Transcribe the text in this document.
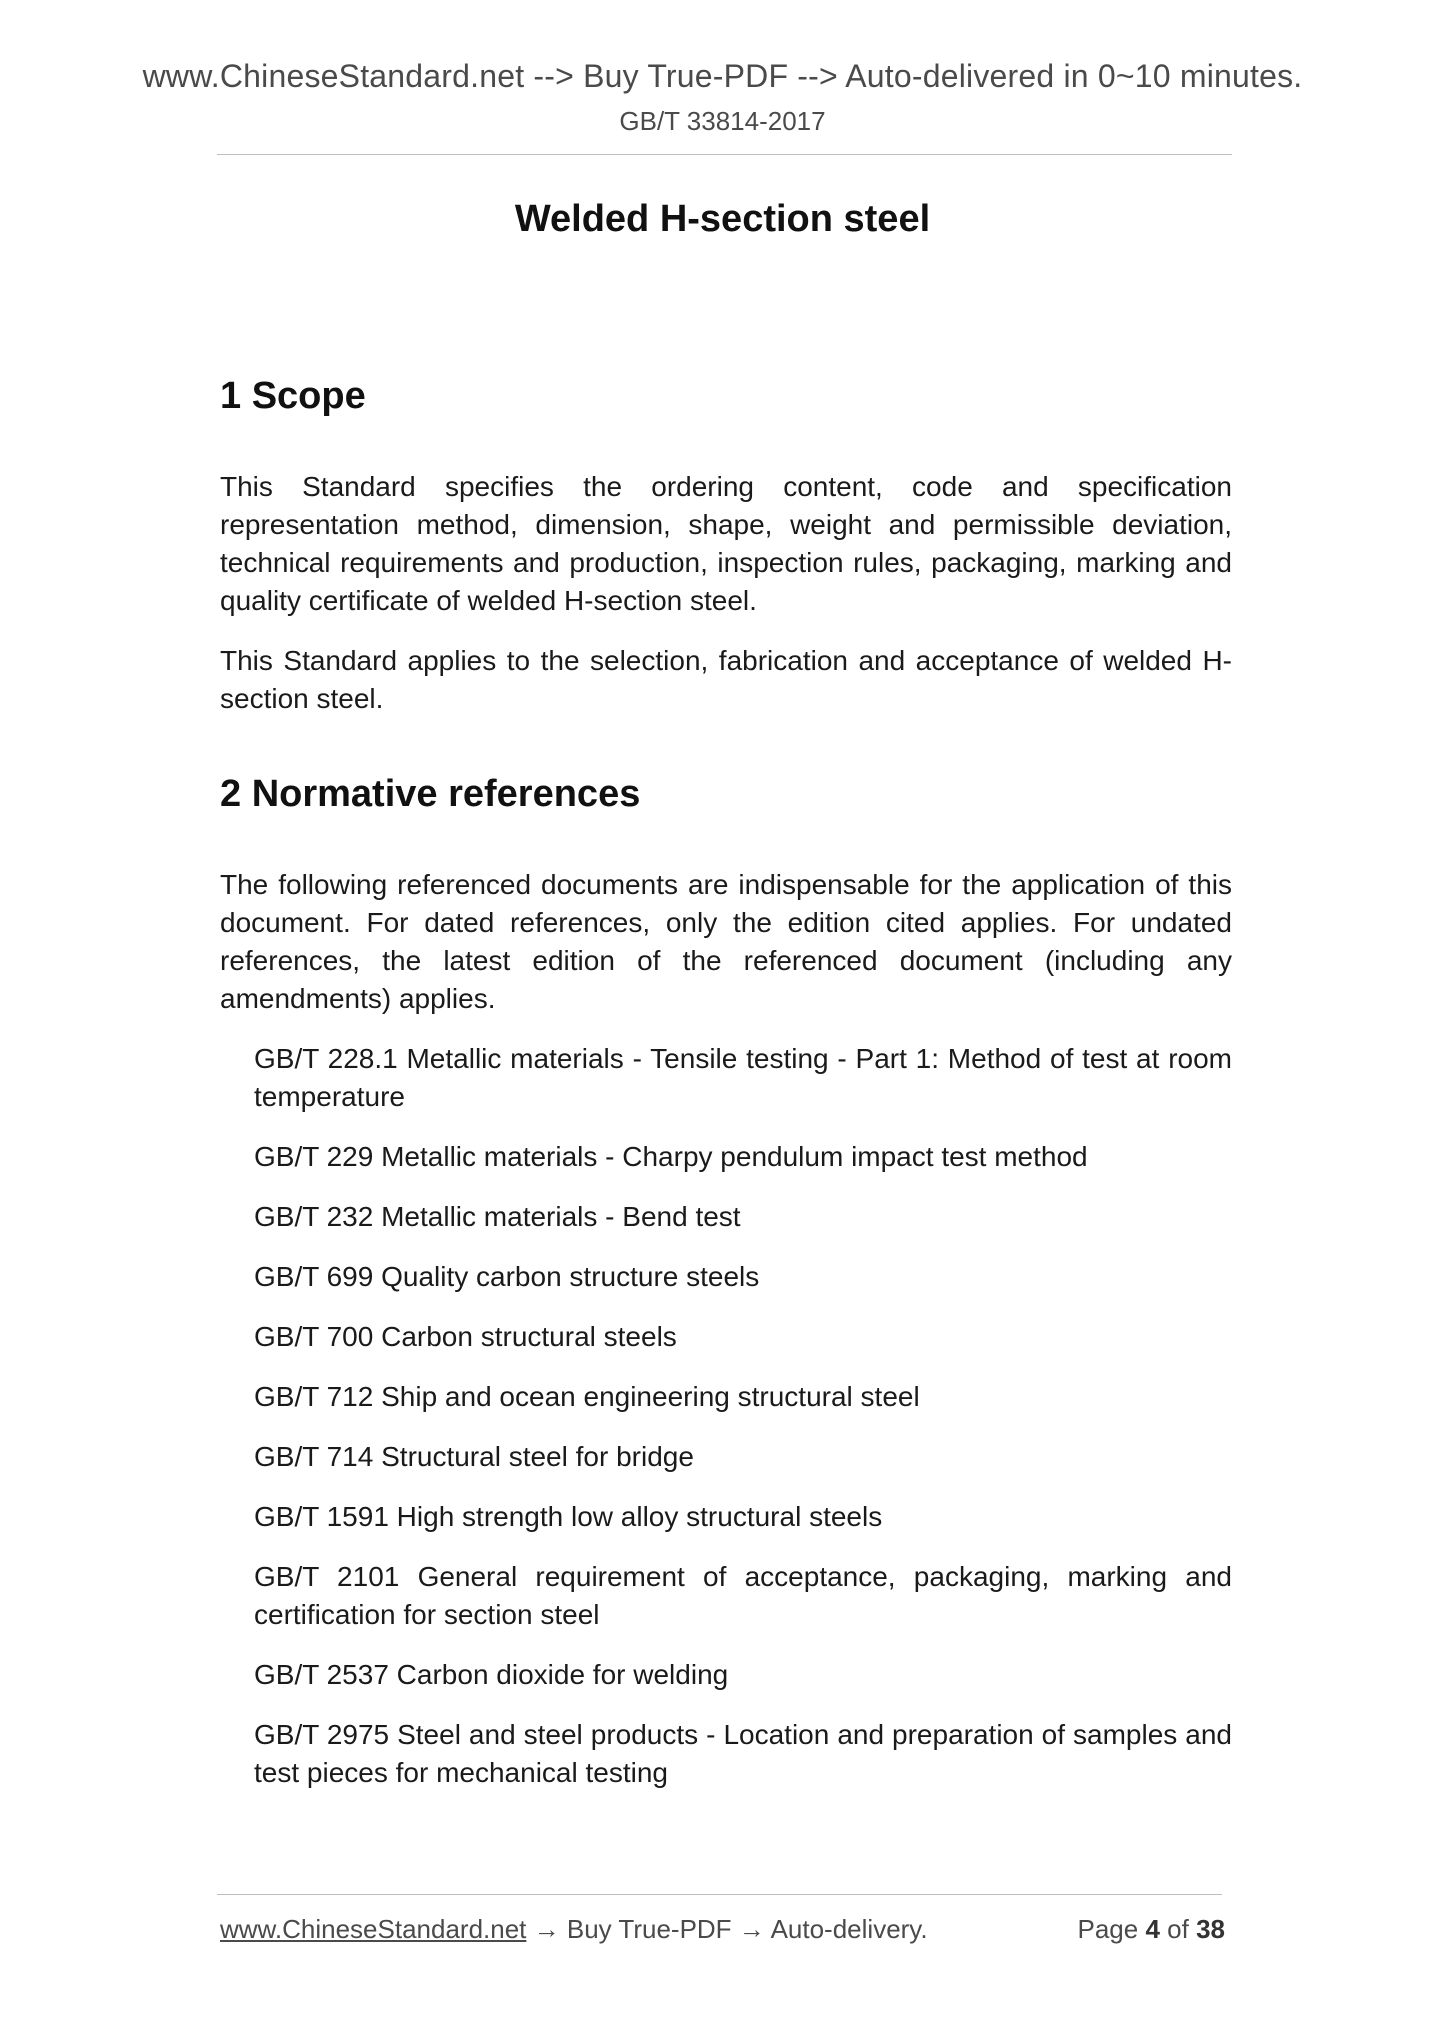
www.ChineseStandard.net --> Buy True-PDF --> Auto-delivered in 0~10 minutes.
GB/T 33814-2017
Welded H-section steel
1 Scope

This Standard specifies the ordering content, code and specification representation method, dimension, shape, weight and permissible deviation, technical requirements and production, inspection rules, packaging, marking and quality certificate of welded H-section steel.

This Standard applies to the selection, fabrication and acceptance of welded H-section steel.

2 Normative references

The following referenced documents are indispensable for the application of this document. For dated references, only the edition cited applies. For undated references, the latest edition of the referenced document (including any amendments) applies.

GB/T 228.1 Metallic materials - Tensile testing - Part 1: Method of test at room temperature

GB/T 229 Metallic materials - Charpy pendulum impact test method

GB/T 232 Metallic materials - Bend test

GB/T 699 Quality carbon structure steels

GB/T 700 Carbon structural steels

GB/T 712 Ship and ocean engineering structural steel

GB/T 714 Structural steel for bridge

GB/T 1591 High strength low alloy structural steels

GB/T 2101 General requirement of acceptance, packaging, marking and certification for section steel

GB/T 2537 Carbon dioxide for welding

GB/T 2975 Steel and steel products - Location and preparation of samples and test pieces for mechanical testing

www.ChineseStandard.net → Buy True-PDF → Auto-delivery.	Page 4 of 38
